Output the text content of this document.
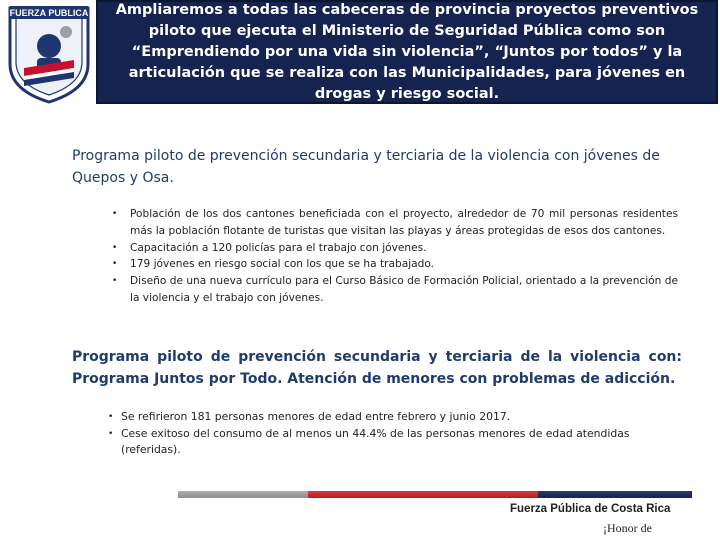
FUERZA PUBLICA	Ampliaremos a todas las cabeceras de provincia proyectos preventivos piloto que ejecuta el Ministerio de Seguridad Pública como son “Emprendiendo por una vida sin violencia”, “Juntos por todos” y la articulación que se realiza con las Municipalidades, para jóvenes en drogas y riesgo social.

Programa piloto de prevención secundaria y terciaria de la violencia con jóvenes de Quepos y Osa.

• Población de los dos cantones beneficiada con el proyecto, alrededor de 70 mil personas residentes más la población flotante de turistas que visitan las playas y áreas protegidas de esos dos cantones.
• Capacitación a 120 policías para el trabajo con jóvenes.
• 179 jóvenes en riesgo social con los que se ha trabajado.
• Diseño de una nueva currículo para el Curso Básico de Formación Policial, orientado a la prevención de la violencia y el trabajo con jóvenes.

Programa piloto de prevención secundaria y terciaria de la violencia con: Programa Juntos por Todo. Atención de menores con problemas de adicción.

• Se refirieron 181 personas menores de edad entre febrero y junio 2017.
• Cese exitoso del consumo de al menos un 44.4% de las personas menores de edad atendidas (referidas).
Fuerza Pública de Costa Rica
¡Honor de
